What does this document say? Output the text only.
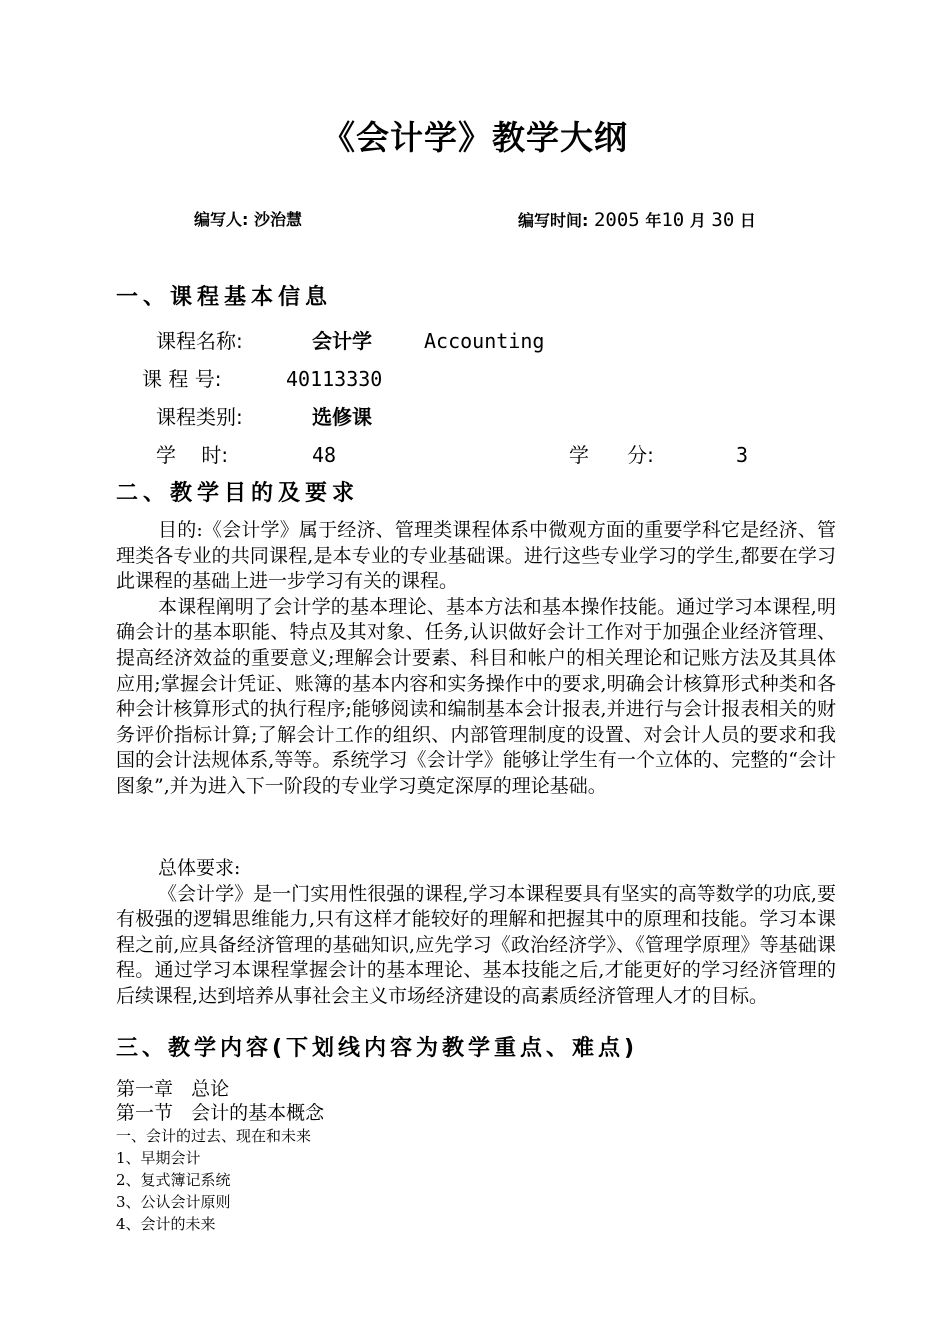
《会计学》教学大纲
编写人: 沙治慧	编写时间: 2005 年10 月 30 日
一、课程基本信息
课程名称:	会计学	Accounting
课 程 号:	40113330
课程类别:	选修课
学    时:	48	学      分:	3
二、教学目的及要求

目的:《会计学》属于经济、管理类课程体系中微观方面的重要学科它是经济、管理类各专业的共同课程,是本专业的专业基础课。进行这些专业学习的学生,都要在学习此课程的基础上进一步学习有关的课程。

本课程阐明了会计学的基本理论、基本方法和基本操作技能。通过学习本课程,明确会计的基本职能、特点及其对象、任务,认识做好会计工作对于加强企业经济管理、提高经济效益的重要意义;理解会计要素、科目和帐户的相关理论和记账方法及其具体应用;掌握会计凭证、账簿的基本内容和实务操作中的要求,明确会计核算形式种类和各种会计核算形式的执行程序;能够阅读和编制基本会计报表,并进行与会计报表相关的财务评价指标计算;了解会计工作的组织、内部管理制度的设置、对会计人员的要求和我国的会计法规体系,等等。系统学习《会计学》能够让学生有一个立体的、完整的“会计图象”,并为进入下一阶段的专业学习奠定深厚的理论基础。

总体要求:

《会计学》是一门实用性很强的课程,学习本课程要具有坚实的高等数学的功底,要有极强的逻辑思维能力,只有这样才能较好的理解和把握其中的原理和技能。学习本课程之前,应具备经济管理的基础知识,应先学习《政治经济学》、《管理学原理》等基础课程。通过学习本课程掌握会计的基本理论、基本技能之后,才能更好的学习经济管理的后续课程,达到培养从事社会主义市场经济建设的高素质经济管理人才的目标。

三、教学内容(下划线内容为教学重点、难点)
第一章   总论
第一节   会计的基本概念
一、会计的过去、现在和未来
1、早期会计
2、复式簿记系统
3、公认会计原则
4、会计的未来
